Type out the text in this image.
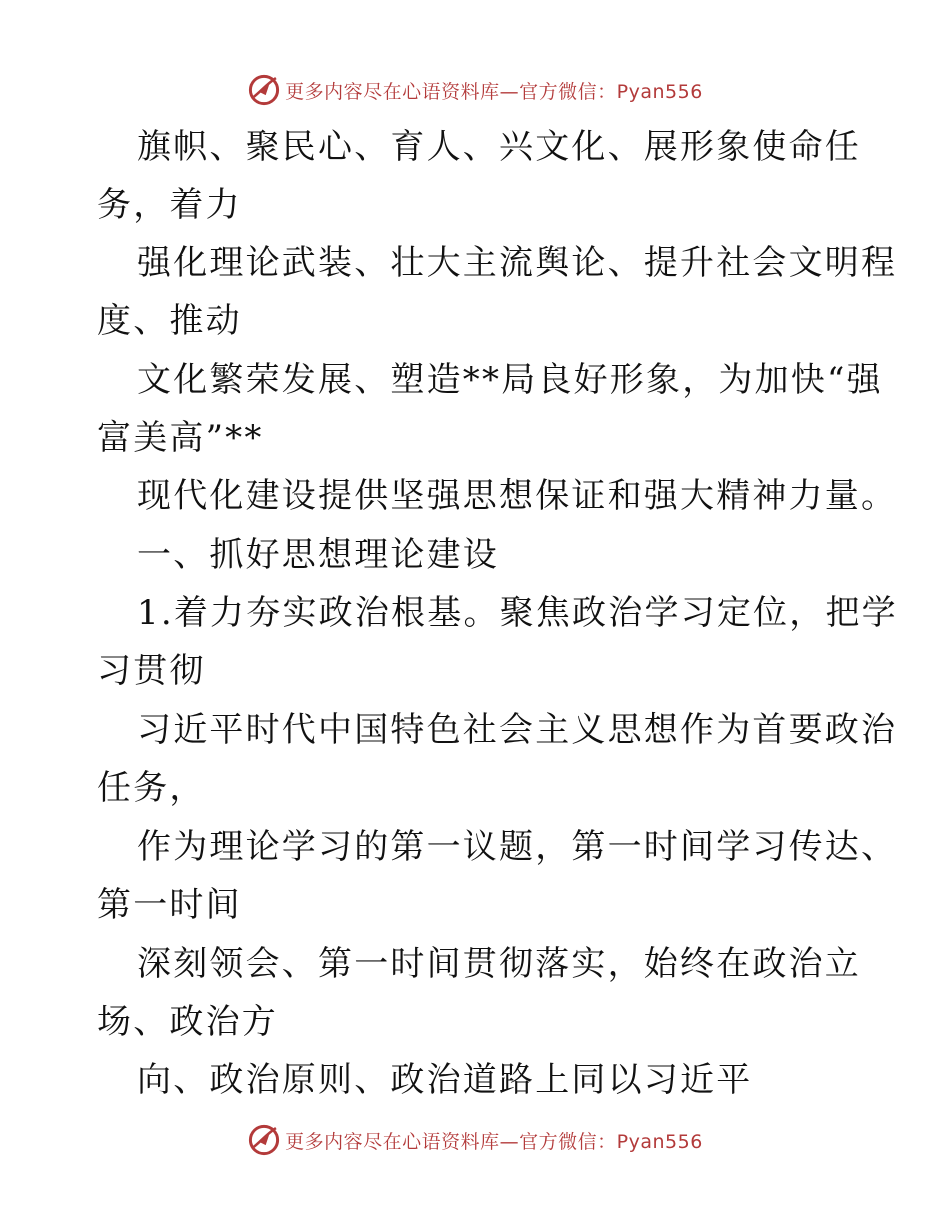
更多内容尽在心语资料库—官方微信：Pyan556
旗帜、聚民心、育人、兴文化、展形象使命任
务，着力
强化理论武装、壮大主流舆论、提升社会文明程
度、推动
文化繁荣发展、塑造**局良好形象，为加快“强
富美高”**
现代化建设提供坚强思想保证和强大精神力量。
一、抓好思想理论建设
1.着力夯实政治根基。聚焦政治学习定位，把学
习贯彻
习近平时代中国特色社会主义思想作为首要政治
任务，
作为理论学习的第一议题，第一时间学习传达、
第一时间
深刻领会、第一时间贯彻落实，始终在政治立
场、政治方
向、政治原则、政治道路上同以习近平
更多内容尽在心语资料库—官方微信：Pyan556
